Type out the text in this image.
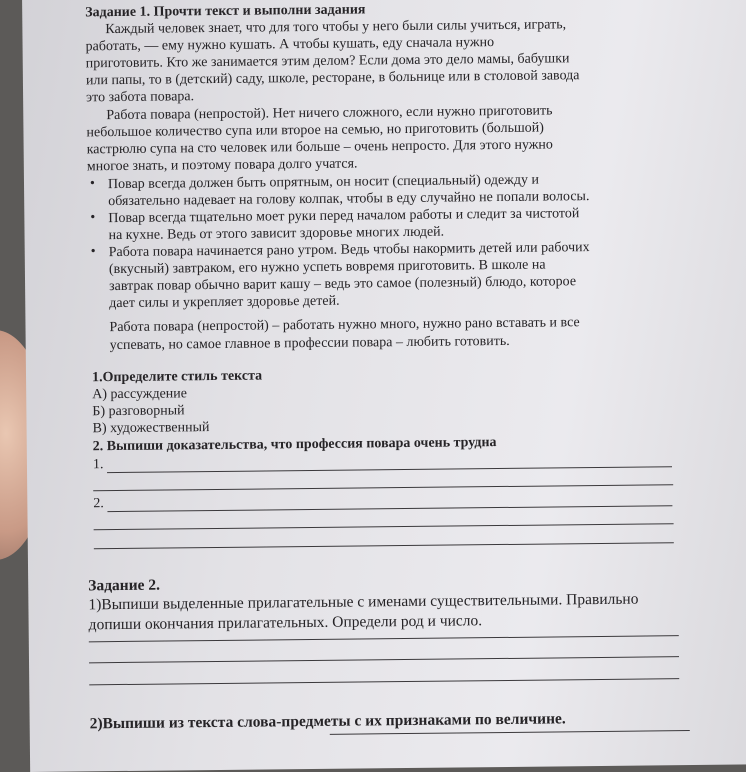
Задание 1. Прочти текст и выполни задания
Каждый человек знает, что для того чтобы у него были силы учиться, играть,
работать, — ему нужно кушать. А чтобы кушать, еду сначала нужно
приготовить. Кто же занимается этим делом? Если дома это дело мамы, бабушки
или папы, то в (детский) саду, школе, ресторане, в больнице или в столовой завода
это забота повара.
Работа повара (непростой). Нет ничего сложного, если нужно приготовить
небольшое количество супа или второе на семью, но приготовить (большой)
кастрюлю супа на сто человек или больше – очень непросто. Для этого нужно
многое знать, и поэтому повара долго учатся.
• Повар всегда должен быть опрятным, он носит (специальный) одежду и
обязательно надевает на голову колпак, чтобы в еду случайно не попали волосы.
• Повар всегда тщательно моет руки перед началом работы и следит за чистотой
на кухне. Ведь от этого зависит здоровье многих людей.
• Работа повара начинается рано утром. Ведь чтобы накормить детей или рабочих
(вкусный) завтраком, его нужно успеть вовремя приготовить. В школе на
завтрак повар обычно варит кашу – ведь это самое (полезный) блюдо, которое
дает силы и укрепляет здоровье детей.
Работа повара (непростой) – работать нужно много, нужно рано вставать и все
успевать, но самое главное в профессии повара – любить готовить.
1.Определите стиль текста
А) рассуждение
Б) разговорный
В) художественный
2. Выпиши доказательства, что профессия повара очень трудна
1.
2.
Задание 2.
1)Выпиши выделенные прилагательные с именами существительными. Правильно
допиши окончания прилагательных. Определи род и число.
2)Выпиши из текста слова-предметы с их признаками по величине.
